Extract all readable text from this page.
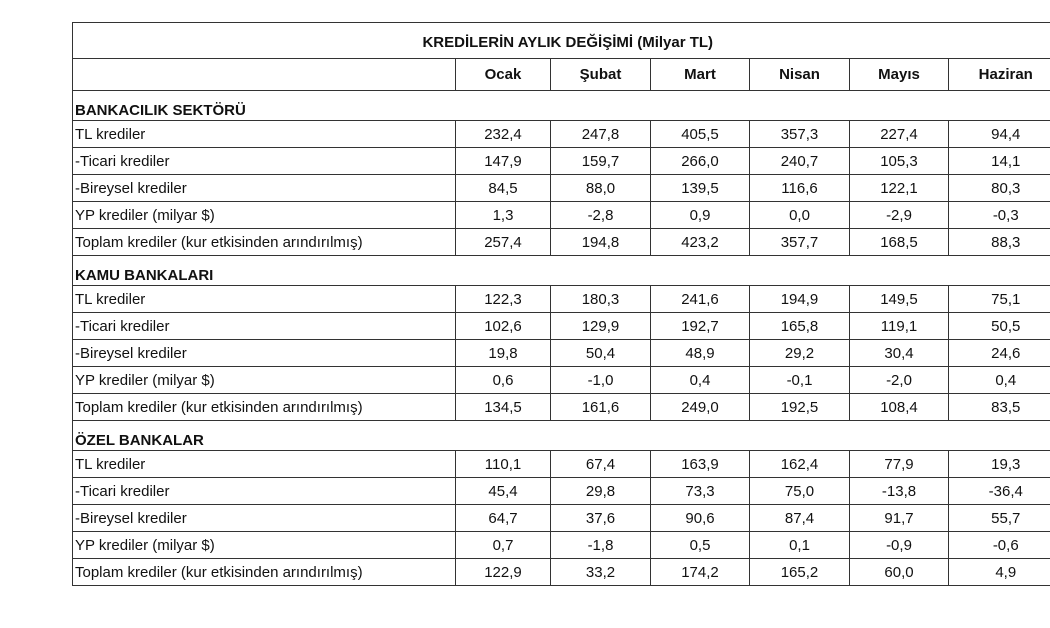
KREDİLERİN AYLIK DEĞİŞİMİ (Milyar TL)						
	Ocak	Şubat	Mart	Nisan	Mayıs	Haziran
BANKACILIK SEKTÖRÜ						
TL krediler	232,4	247,8	405,5	357,3	227,4	94,4
-Ticari krediler	147,9	159,7	266,0	240,7	105,3	14,1
-Bireysel krediler	84,5	88,0	139,5	116,6	122,1	80,3
YP krediler (milyar $)	1,3	-2,8	0,9	0,0	-2,9	-0,3
Toplam krediler (kur etkisinden arındırılmış)	257,4	194,8	423,2	357,7	168,5	88,3
KAMU BANKALARI						
TL krediler	122,3	180,3	241,6	194,9	149,5	75,1
-Ticari krediler	102,6	129,9	192,7	165,8	119,1	50,5
-Bireysel krediler	19,8	50,4	48,9	29,2	30,4	24,6
YP krediler (milyar $)	0,6	-1,0	0,4	-0,1	-2,0	0,4
Toplam krediler (kur etkisinden arındırılmış)	134,5	161,6	249,0	192,5	108,4	83,5
ÖZEL BANKALAR						
TL krediler	110,1	67,4	163,9	162,4	77,9	19,3
-Ticari krediler	45,4	29,8	73,3	75,0	-13,8	-36,4
-Bireysel krediler	64,7	37,6	90,6	87,4	91,7	55,7
YP krediler (milyar $)	0,7	-1,8	0,5	0,1	-0,9	-0,6
Toplam krediler (kur etkisinden arındırılmış)	122,9	33,2	174,2	165,2	60,0	4,9
